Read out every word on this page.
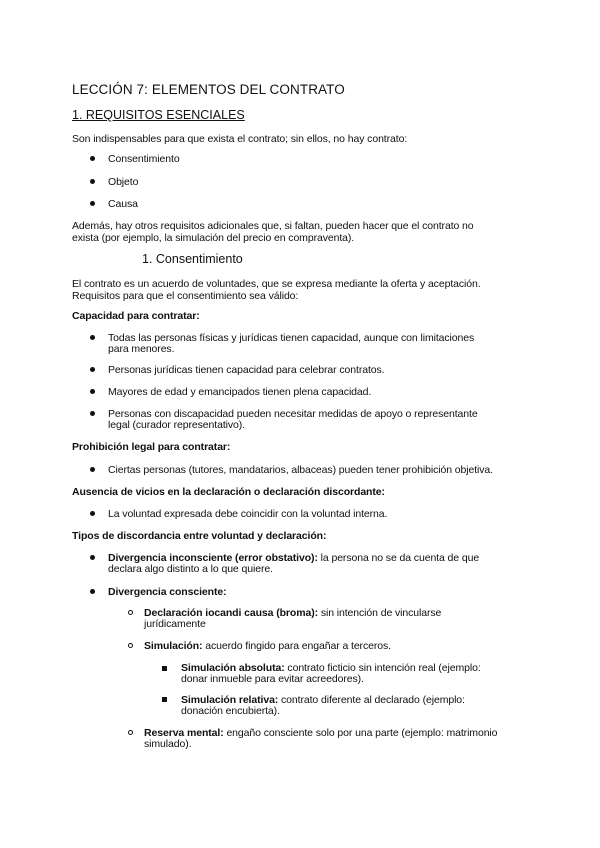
LECCIÓN 7: ELEMENTOS DEL CONTRATO
1. REQUISITOS ESENCIALES
Son indispensables para que exista el contrato; sin ellos, no hay contrato:
Consentimiento
Objeto
Causa
Además, hay otros requisitos adicionales que, si faltan, pueden hacer que el contrato no
exista (por ejemplo, la simulación del precio en compraventa).
1. Consentimiento
El contrato es un acuerdo de voluntades, que se expresa mediante la oferta y aceptación.
Requisitos para que el consentimiento sea válido:
Capacidad para contratar:
Todas las personas físicas y jurídicas tienen capacidad, aunque con limitaciones
para menores.
Personas jurídicas tienen capacidad para celebrar contratos.
Mayores de edad y emancipados tienen plena capacidad.
Personas con discapacidad pueden necesitar medidas de apoyo o representante
legal (curador representativo).
Prohibición legal para contratar:
Ciertas personas (tutores, mandatarios, albaceas) pueden tener prohibición objetiva.
Ausencia de vicios en la declaración o declaración discordante:
La voluntad expresada debe coincidir con la voluntad interna.
Tipos de discordancia entre voluntad y declaración:
Divergencia inconsciente (error obstativo): la persona no se da cuenta de que
declara algo distinto a lo que quiere.
Divergencia consciente:
Declaración iocandi causa (broma): sin intención de vincularse
jurídicamente
Simulación: acuerdo fingido para engañar a terceros.
Simulación absoluta: contrato ficticio sin intención real (ejemplo:
donar inmueble para evitar acreedores).
Simulación relativa: contrato diferente al declarado (ejemplo:
donación encubierta).
Reserva mental: engaño consciente solo por una parte (ejemplo: matrimonio
simulado).
